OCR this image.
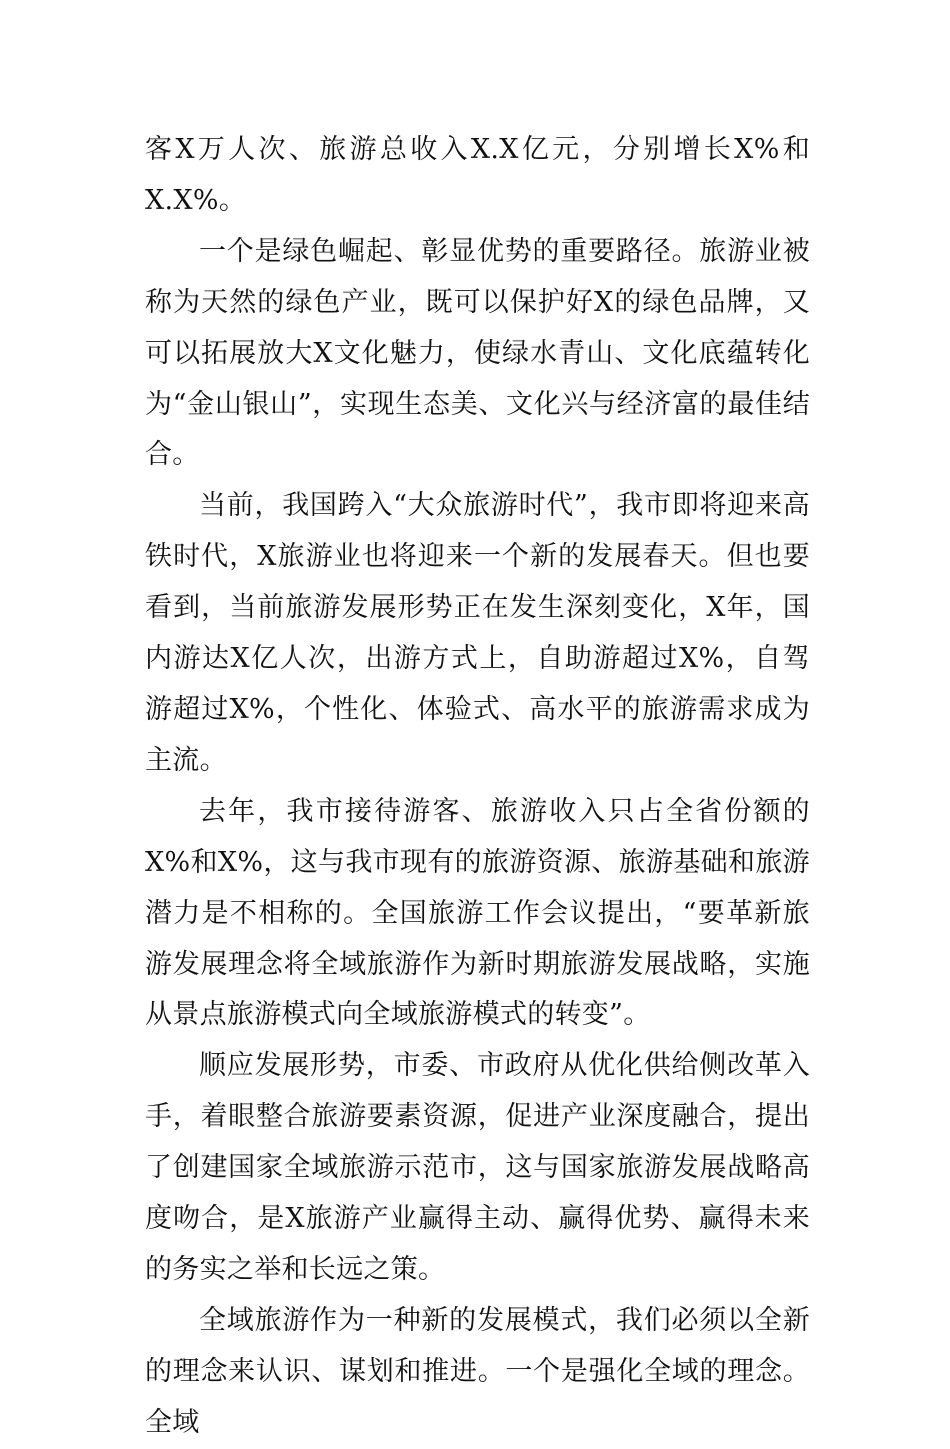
客X万人次、旅游总收入X.X亿元，分别增长X%和X.X%。

一个是绿色崛起、彰显优势的重要路径。旅游业被称为天然的绿色产业，既可以保护好X的绿色品牌，又可以拓展放大X文化魅力，使绿水青山、文化底蕴转化为“金山银山”，实现生态美、文化兴与经济富的最佳结合。

当前，我国跨入“大众旅游时代”，我市即将迎来高铁时代，X旅游业也将迎来一个新的发展春天。但也要看到，当前旅游发展形势正在发生深刻变化，X年，国内游达X亿人次，出游方式上，自助游超过X%，自驾游超过X%，个性化、体验式、高水平的旅游需求成为主流。

去年，我市接待游客、旅游收入只占全省份额的X%和X%，这与我市现有的旅游资源、旅游基础和旅游潜力是不相称的。全国旅游工作会议提出，“要革新旅游发展理念将全域旅游作为新时期旅游发展战略，实施从景点旅游模式向全域旅游模式的转变”。

顺应发展形势，市委、市政府从优化供给侧改革入手，着眼整合旅游要素资源，促进产业深度融合，提出了创建国家全域旅游示范市，这与国家旅游发展战略高度吻合，是X旅游产业赢得主动、赢得优势、赢得未来的务实之举和长远之策。

全域旅游作为一种新的发展模式，我们必须以全新的理念来认识、谋划和推进。一个是强化全域的理念。全域
